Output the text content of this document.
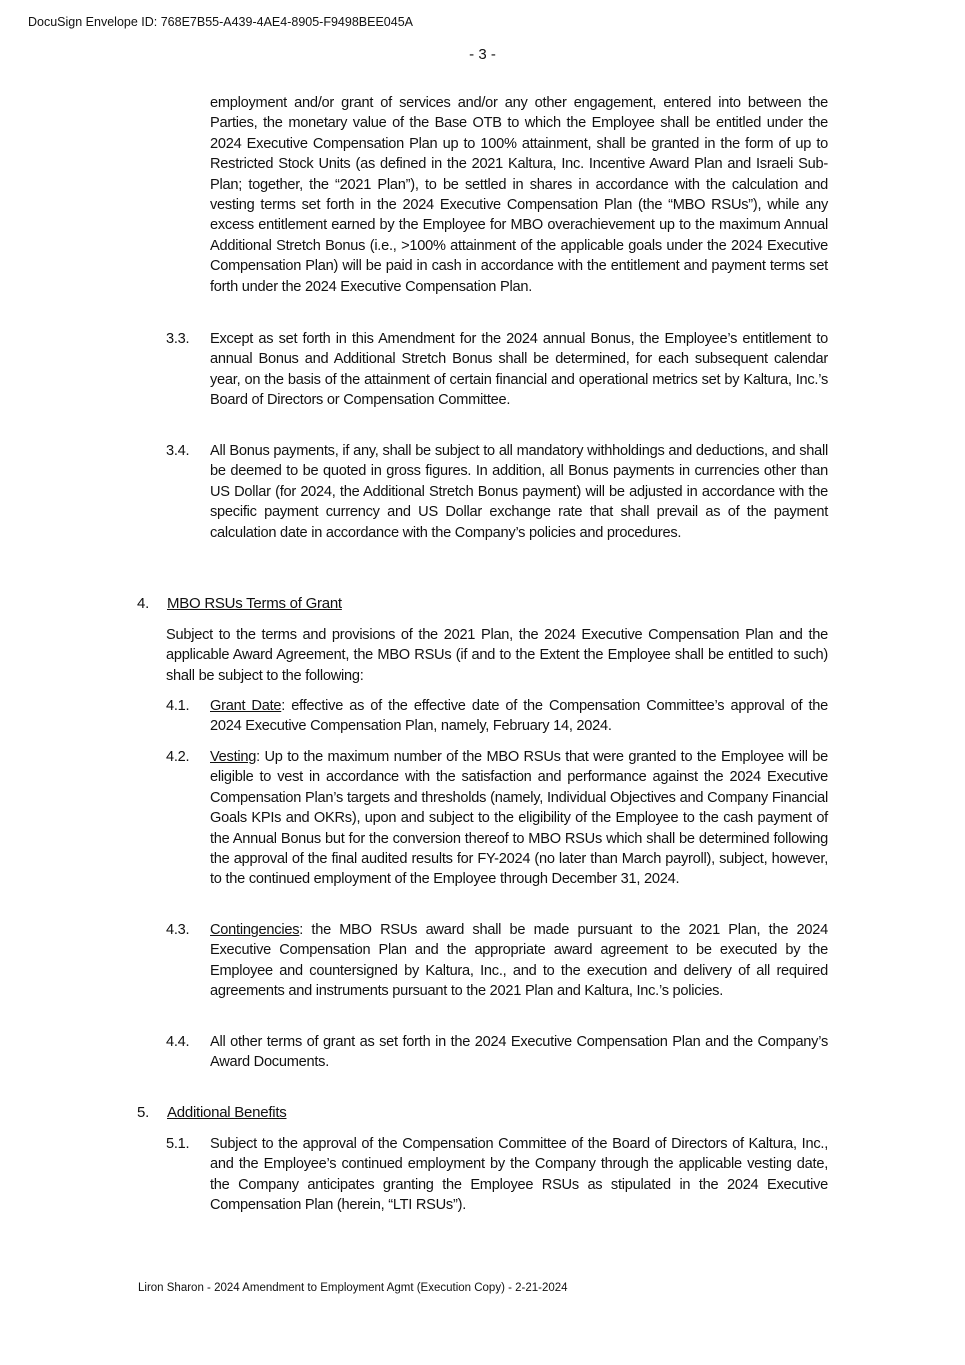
DocuSign Envelope ID: 768E7B55-A439-4AE4-8905-F9498BEE045A
- 3 -
employment and/or grant of services and/or any other engagement, entered into between the Parties, the monetary value of the Base OTB to which the Employee shall be entitled under the 2024 Executive Compensation Plan up to 100% attainment, shall be granted in the form of up to Restricted Stock Units (as defined in the 2021 Kaltura, Inc. Incentive Award Plan and Israeli Sub-Plan; together, the “2021 Plan”), to be settled in shares in accordance with the calculation and vesting terms set forth in the 2024 Executive Compensation Plan (the “MBO RSUs”), while any excess entitlement earned by the Employee for MBO overachievement up to the maximum Annual Additional Stretch Bonus (i.e., >100% attainment of the applicable goals under the 2024 Executive Compensation Plan) will be paid in cash in accordance with the entitlement and payment terms set forth under the 2024 Executive Compensation Plan.
3.3. Except as set forth in this Amendment for the 2024 annual Bonus, the Employee’s entitlement to annual Bonus and Additional Stretch Bonus shall be determined, for each subsequent calendar year, on the basis of the attainment of certain financial and operational metrics set by Kaltura, Inc.’s Board of Directors or Compensation Committee.
3.4. All Bonus payments, if any, shall be subject to all mandatory withholdings and deductions, and shall be deemed to be quoted in gross figures. In addition, all Bonus payments in currencies other than US Dollar (for 2024, the Additional Stretch Bonus payment) will be adjusted in accordance with the specific payment currency and US Dollar exchange rate that shall prevail as of the payment calculation date in accordance with the Company’s policies and procedures.
4. MBO RSUs Terms of Grant
Subject to the terms and provisions of the 2021 Plan, the 2024 Executive Compensation Plan and the applicable Award Agreement, the MBO RSUs (if and to the Extent the Employee shall be entitled to such) shall be subject to the following:
4.1. Grant Date: effective as of the effective date of the Compensation Committee’s approval of the 2024 Executive Compensation Plan, namely, February 14, 2024.
4.2. Vesting: Up to the maximum number of the MBO RSUs that were granted to the Employee will be eligible to vest in accordance with the satisfaction and performance against the 2024 Executive Compensation Plan’s targets and thresholds (namely, Individual Objectives and Company Financial Goals KPIs and OKRs), upon and subject to the eligibility of the Employee to the cash payment of the Annual Bonus but for the conversion thereof to MBO RSUs which shall be determined following the approval of the final audited results for FY-2024 (no later than March payroll), subject, however, to the continued employment of the Employee through December 31, 2024.
4.3. Contingencies: the MBO RSUs award shall be made pursuant to the 2021 Plan, the 2024 Executive Compensation Plan and the appropriate award agreement to be executed by the Employee and countersigned by Kaltura, Inc., and to the execution and delivery of all required agreements and instruments pursuant to the 2021 Plan and Kaltura, Inc.’s policies.
4.4. All other terms of grant as set forth in the 2024 Executive Compensation Plan and the Company’s Award Documents.
5. Additional Benefits
5.1. Subject to the approval of the Compensation Committee of the Board of Directors of Kaltura, Inc., and the Employee’s continued employment by the Company through the applicable vesting date, the Company anticipates granting the Employee RSUs as stipulated in the 2024 Executive Compensation Plan (herein, “LTI RSUs”).
Liron Sharon - 2024 Amendment to Employment Agmt (Execution Copy) - 2-21-2024
